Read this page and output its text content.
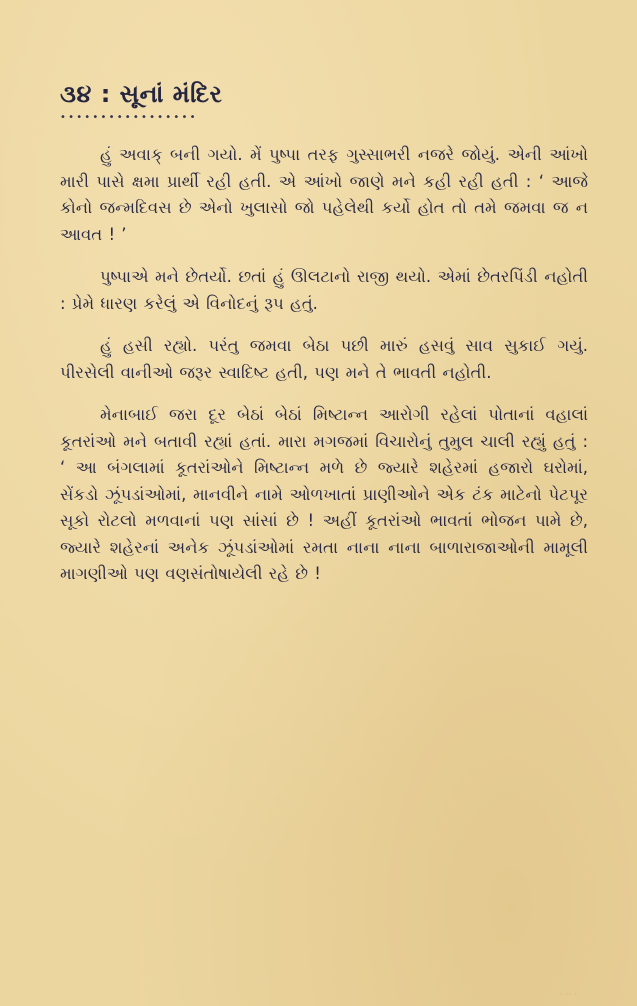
૩૪ : સૂનાં મંદિર
•••••••••••••••••

હું અવાક્ બની ગયો. મેં પુષ્પા તરફ ગુસ્સાભરી નજરે જોયું. એની આંખો મારી પાસે ક્ષમા પ્રાર્થી રહી હતી. એ આંખો જાણે મને કહી રહી હતી : ‘ આજે કોનો જન્મદિવસ છે એનો ખુલાસો જો પહેલેથી કર્યો હોત તો તમે જમવા જ ન આવત ! ’

પુષ્પાએ મને છેતર્યો. છતાં હું ઊલટાનો રાજી થયો. એમાં છેતરપિંડી નહોતી : પ્રેમે ધારણ કરેલું એ વિનોદનું રૂપ હતું.

હું હસી રહ્યો. પરંતુ જમવા બેઠા પછી મારું હસવું સાવ સુકાઈ ગયું. પીરસેલી વાનીઓ જરૂર સ્વાદિષ્ટ હતી, પણ મને તે ભાવતી નહોતી.

મેનાબાઈ જરા દૂર બેઠાં બેઠાં મિષ્ટાન્ન આરોગી રહેલાં પોતાનાં વહાલાં કૂતરાંઓ મને બતાવી રહ્યાં હતાં. મારા મગજમાં વિચારોનું તુમુલ ચાલી રહ્યું હતું : ‘ આ બંગલામાં કૂતરાંઓને મિષ્ટાન્ન મળે છે જ્યારે શહેરમાં હજારો ઘરોમાં, સેંકડો ઝૂંપડાંઓમાં, માનવીને નામે ઓળખાતાં પ્રાણીઓને એક ટંક માટેનો પેટપૂર સૂકો રોટલો મળવાનાં પણ સાંસાં છે ! અહીં કૂતરાંઓ ભાવતાં ભોજન પામે છે, જ્યારે શહેરનાં અનેક ઝૂંપડાંઓમાં રમતા નાના નાના બાળારાજાઓની મામૂલી માગણીઓ પણ વણસંતોષાયેલી રહે છે !

· ·· ·
